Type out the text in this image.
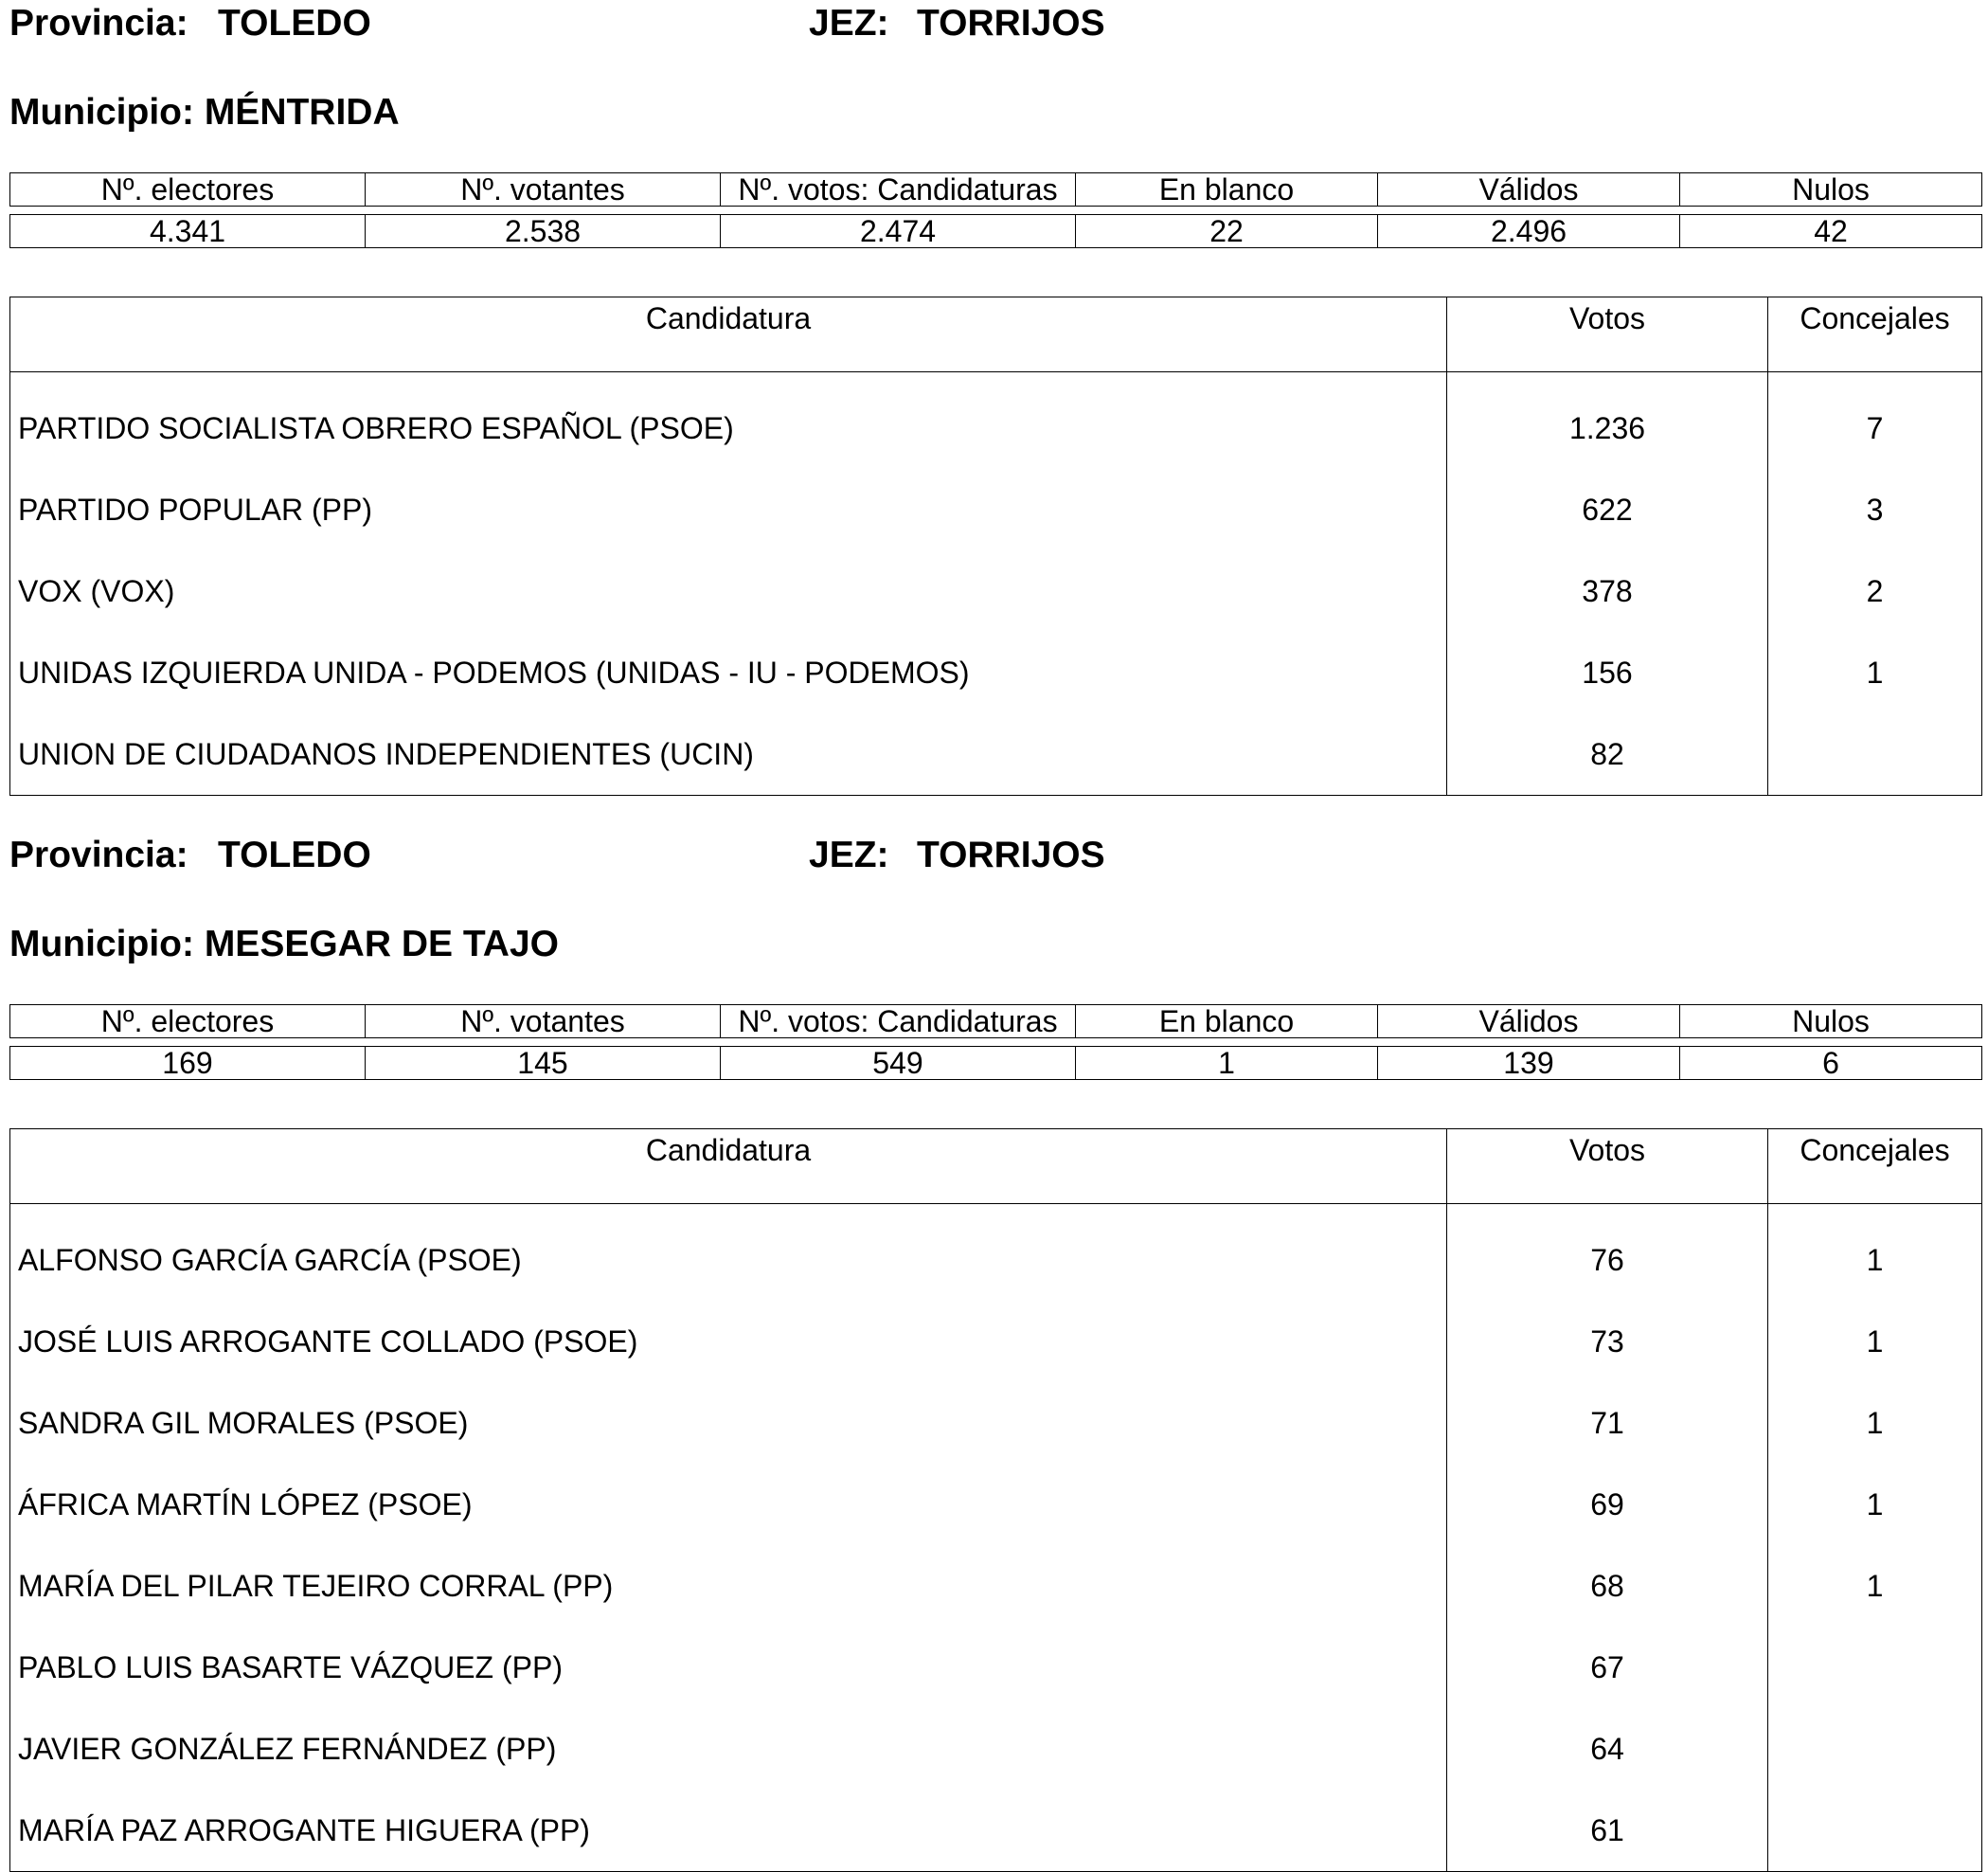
Provincia: TOLEDO	JEZ: TORRIJOS
Municipio: MÉNTRIDA
Nº. electores	Nº. votantes	Nº. votos: Candidaturas	En blanco	Válidos	Nulos
4.341	2.538	2.474	22	2.496	42
Candidatura	Votos	Concejales
PARTIDO SOCIALISTA OBRERO ESPAÑOL (PSOE)	1.236	7
PARTIDO POPULAR (PP)	622	3
VOX (VOX)	378	2
UNIDAS IZQUIERDA UNIDA - PODEMOS (UNIDAS - IU - PODEMOS)	156	1
UNION DE CIUDADANOS INDEPENDIENTES (UCIN)	82	
Provincia: TOLEDO	JEZ: TORRIJOS
Municipio: MESEGAR DE TAJO
Nº. electores	Nº. votantes	Nº. votos: Candidaturas	En blanco	Válidos	Nulos
169	145	549	1	139	6
Candidatura	Votos	Concejales
ALFONSO GARCÍA GARCÍA (PSOE)	76	1
JOSÉ LUIS ARROGANTE COLLADO (PSOE)	73	1
SANDRA GIL MORALES (PSOE)	71	1
ÁFRICA MARTÍN LÓPEZ (PSOE)	69	1
MARÍA DEL PILAR TEJEIRO CORRAL (PP)	68	1
PABLO LUIS BASARTE VÁZQUEZ (PP)	67	
JAVIER GONZÁLEZ FERNÁNDEZ (PP)	64	
MARÍA PAZ ARROGANTE HIGUERA (PP)	61	
